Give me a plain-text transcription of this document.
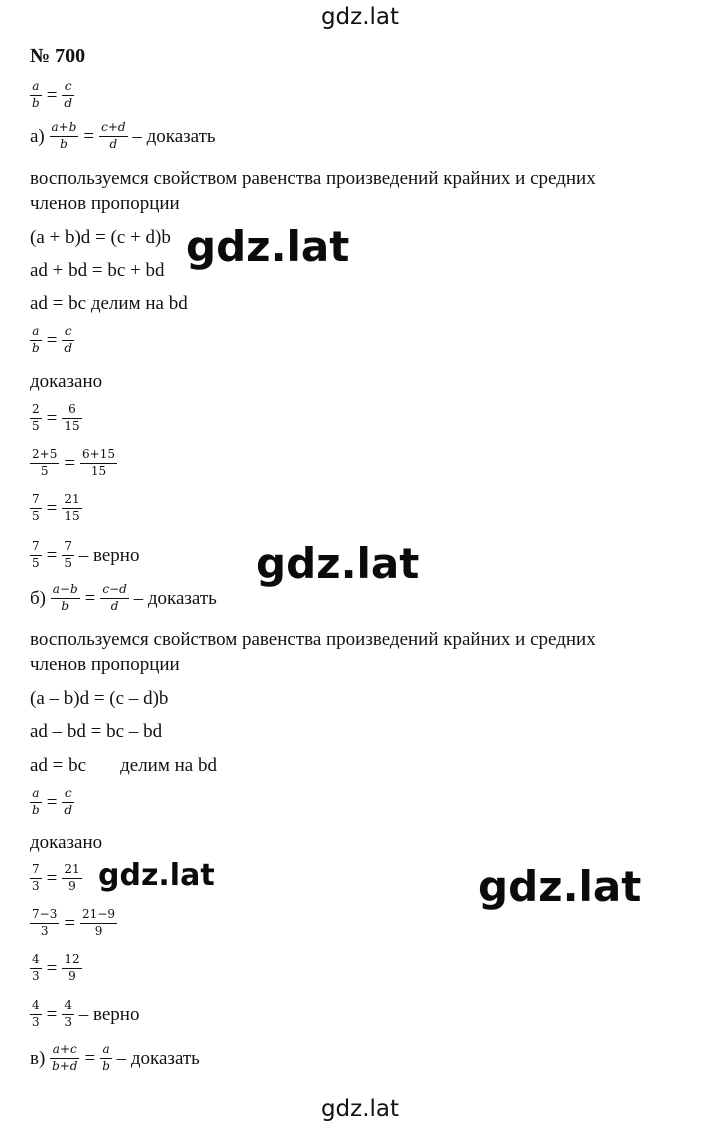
gdz.lat
№ 700
$\frac{a}{b} = \frac{c}{d}$
$а) \frac{a+b}{b} = \frac{c+d}{d}$ – доказать
воспользуемся свойством равенства произведений крайних и средних
членов пропорции
(a + b)d = (c + d)b
ad + bd = bc + bd
ad = bc делим на bd
$\frac{a}{b} = \frac{c}{d}$
доказано
$\frac{2}{5} = \frac{6}{15}$
$\frac{2+5}{5} = \frac{6+15}{15}$
$\frac{7}{5} = \frac{21}{15}$
$\frac{7}{5} = \frac{7}{5}$ – верно
$б) \frac{a-b}{b} = \frac{c-d}{d}$ – доказать
воспользуемся свойством равенства произведений крайних и средних
членов пропорции
(a – b)d = (c – d)b
ad – bd = bc – bd
ad = bc делим на bd
$\frac{a}{b} = \frac{c}{d}$
доказано
$\frac{7}{3} = \frac{21}{9}$
$\frac{7-3}{3} = \frac{21-9}{9}$
$\frac{4}{3} = \frac{12}{9}$
$\frac{4}{3} = \frac{4}{3}$ – верно
$в) \frac{a+c}{b+d} = \frac{a}{b}$ – доказать
gdz.lat
gdz.lat
gdz.lat	gdz.lat
gdz.lat
